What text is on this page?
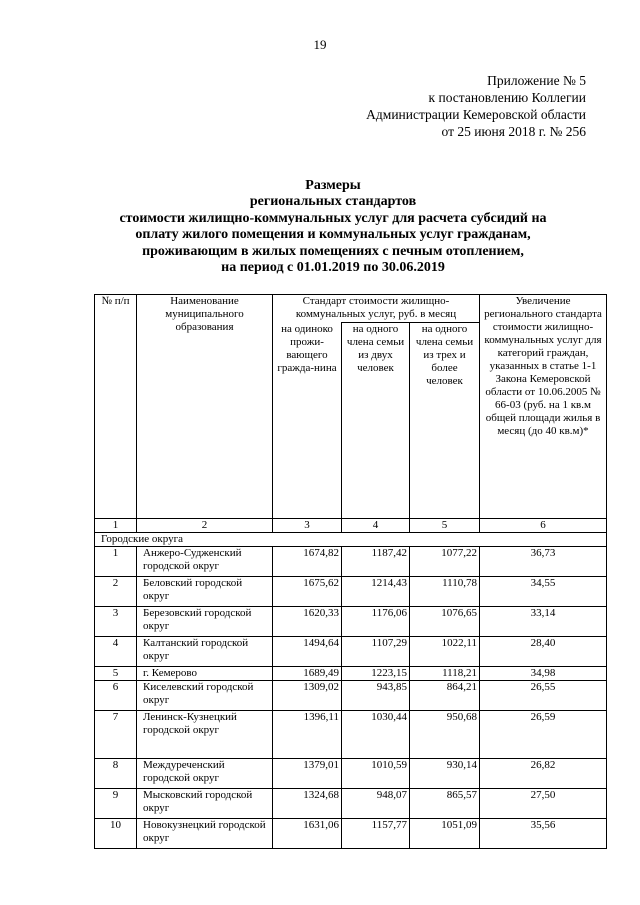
19
Приложение № 5
к постановлению Коллегии
Администрации Кемеровской области
от 25 июня 2018 г. № 256
Размеры
региональных стандартов
стоимости жилищно-коммунальных услуг для расчета субсидий на
оплату жилого помещения и коммунальных услуг гражданам,
проживающим в жилых помещениях с печным отоплением,
на период с 01.01.2019 по 30.06.2019
№ п/п	Наименование муниципального образования	Стандарт стоимости жилищно-коммунальных услуг, руб. в месяц			Увеличение регионального стандарта стоимости жилищно-коммунальных услуг для категорий граждан, указанных в статье 1-1 Закона Кемеровской области от 10.06.2005 № 66-03 (руб. на 1 кв.м общей площади жилья в месяц (до 40 кв.м)*
		на одиноко прожи-вающего гражда-нина	на одного члена семьи из двух человек	на одного члена семьи из трех и более человек	
1	2	3	4	5	6
Городские округа					
1	Анжеро-Судженский городской округ	1674,82	1187,42	1077,22	36,73
2	Беловский городской округ	1675,62	1214,43	1110,78	34,55
3	Березовский городской округ	1620,33	1176,06	1076,65	33,14
4	Калтанский городской округ	1494,64	1107,29	1022,11	28,40
5	г. Кемерово	1689,49	1223,15	1118,21	34,98
6	Киселевский городской округ	1309,02	943,85	864,21	26,55
7	Ленинск-Кузнецкий городской округ	1396,11	1030,44	950,68	26,59
8	Междуреченский городской округ	1379,01	1010,59	930,14	26,82
9	Мысковский городской округ	1324,68	948,07	865,57	27,50
10	Новокузнецкий городской округ	1631,06	1157,77	1051,09	35,56
